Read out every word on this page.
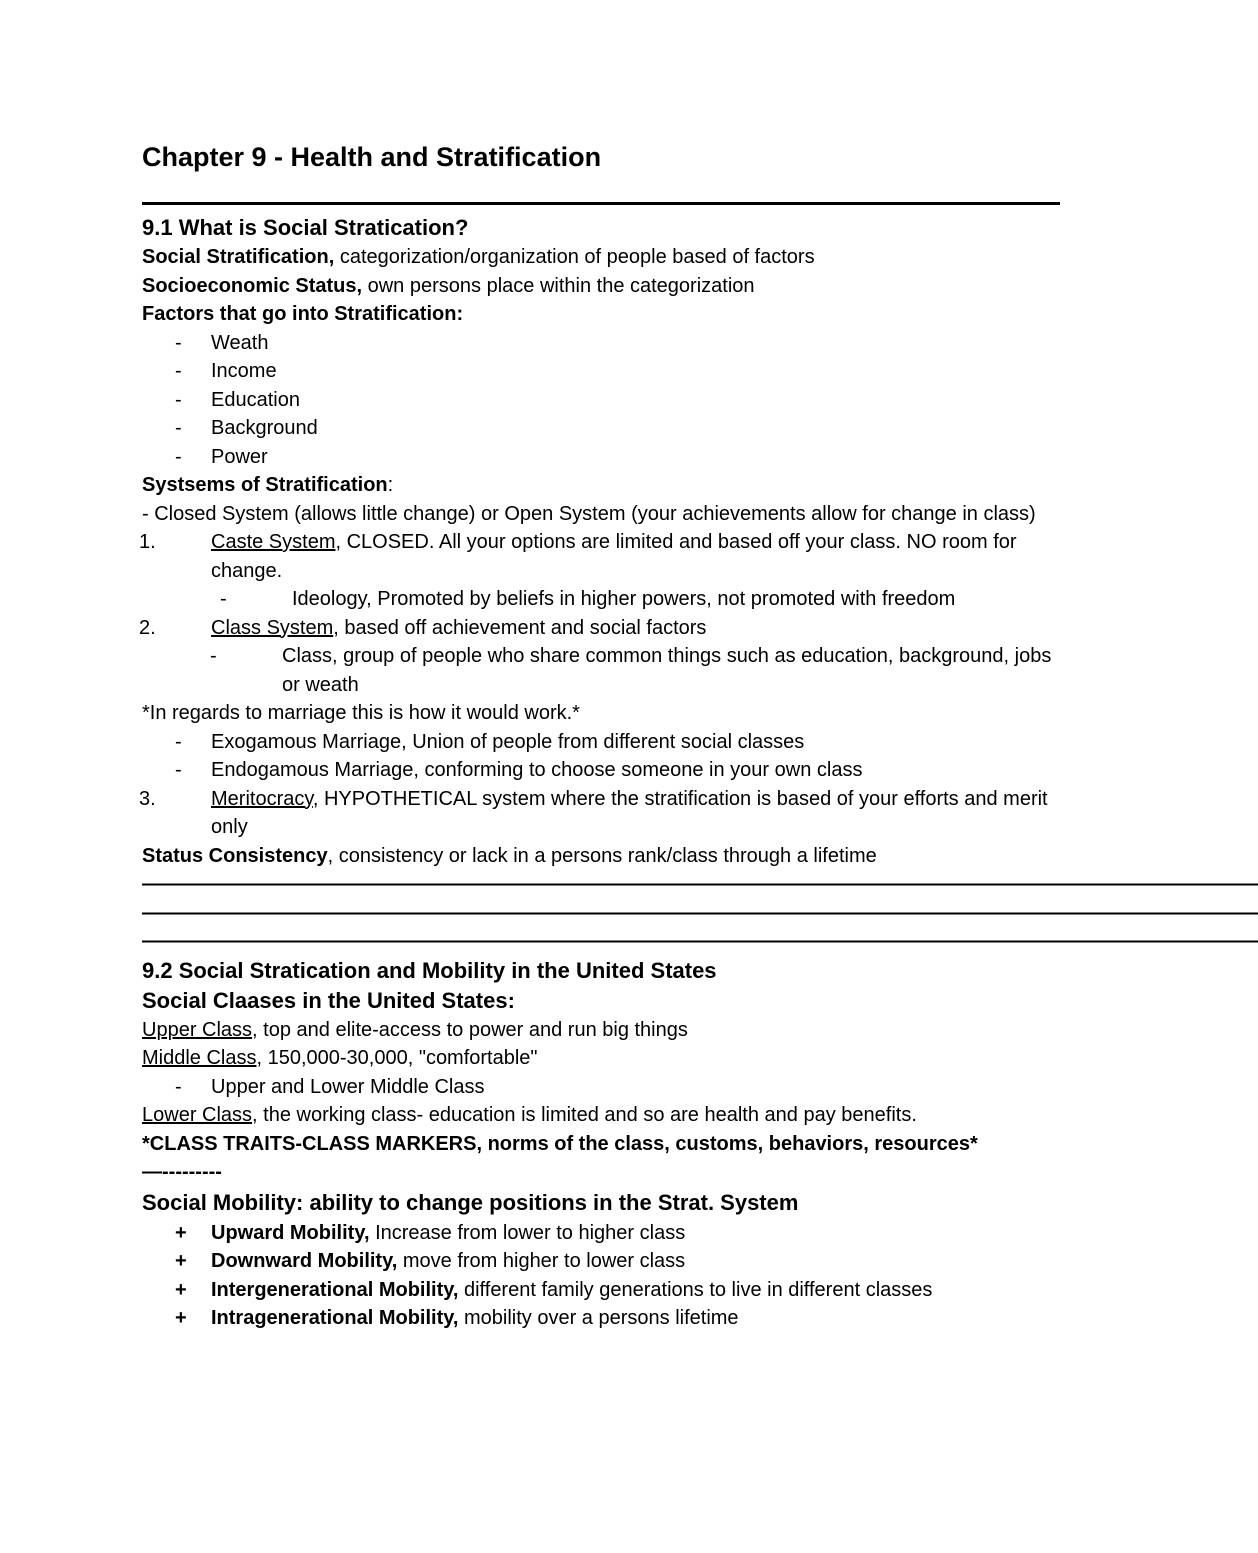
Chapter 9 - Health and Stratification
9.1 What is Social Stratication?
Social Stratification, categorization/organization of people based of factors
Socioeconomic Status, own persons place within the categorization
Factors that go into Stratification:
- Weath
- Income
- Education
- Background
- Power
Systsems of Stratification:
- Closed System (allows little change) or Open System (your achievements allow for change in class)
1.	Caste System, CLOSED. All your options are limited and based off your class. NO room for change.
-	Ideology, Promoted by beliefs in higher powers, not promoted with freedom
2.	Class System, based off achievement and social factors
-	Class, group of people who share common things such as education, background, jobs or weath
*In regards to marriage this is how it would work.*
- Exogamous Marriage, Union of people from different social classes
- Endogamous Marriage, conforming to choose someone in your own class
3.	Meritocracy, HYPOTHETICAL system where the stratification is based of your efforts and merit only
Status Consistency, consistency or lack in a persons rank/class through a lifetime
——————————————————————————————————————————————————————————————
——————————————————————————————————————————————————————————————
——————————————————————————————————————————————————————————————
9.2 Social Stratication and Mobility in the United States
Social Claases in the United States:
Upper Class, top and elite-access to power and run big things
Middle Class, 150,000-30,000, "comfortable"
- Upper and Lower Middle Class
Lower Class, the working class- education is limited and so are health and pay benefits.
*CLASS TRAITS-CLASS MARKERS, norms of the class, customs, behaviors, resources*
—---------
Social Mobility: ability to change positions in the Strat. System
+ Upward Mobility, Increase from lower to higher class
+ Downward Mobility, move from higher to lower class
+ Intergenerational Mobility, different family generations to live in different classes
+ Intragenerational Mobility, mobility over a persons lifetime
